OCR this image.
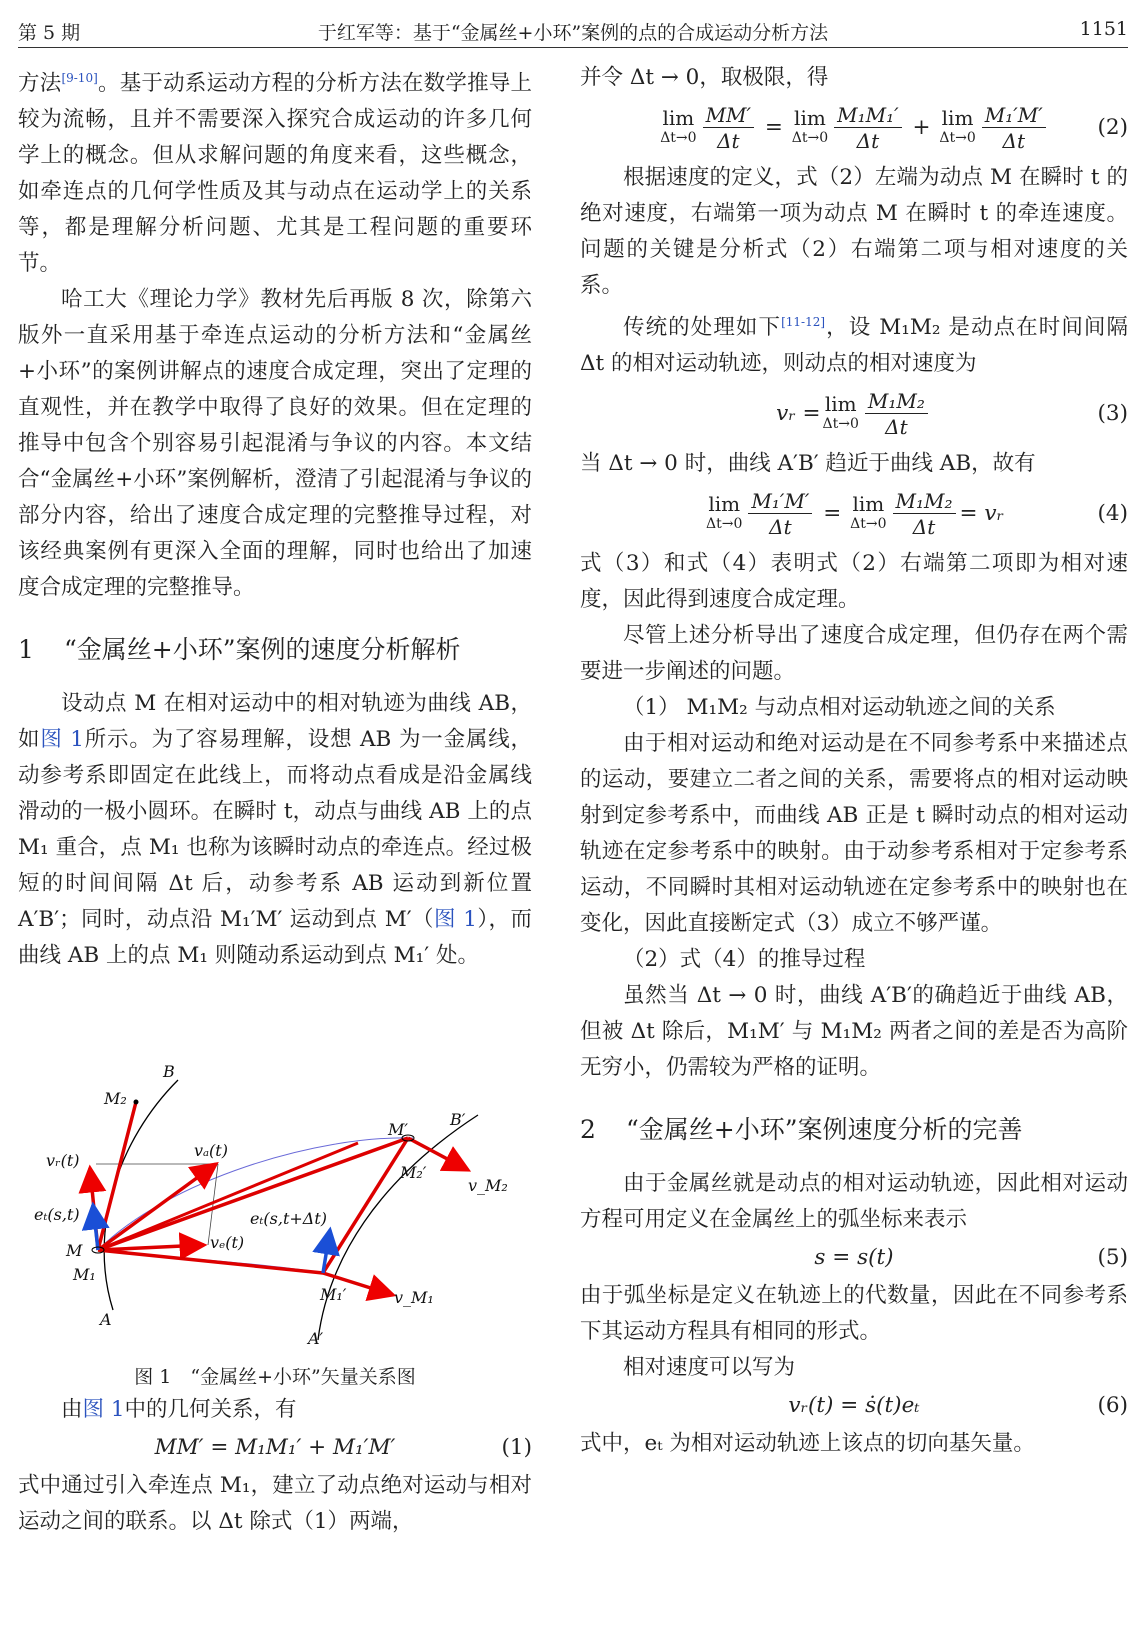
第 5 期	于红军等：基于“金属丝+小环”案例的点的合成运动分析方法	1151

方法[9-10]。基于动系运动方程的分析方法在数学推导上较为流畅，且并不需要深入探究合成运动的许多几何学上的概念。但从求解问题的角度来看，这些概念，如牵连点的几何学性质及其与动点在运动学上的关系等，都是理解分析问题、尤其是工程问题的重要环节。

哈工大《理论力学》教材先后再版 8 次，除第六版外一直采用基于牵连点运动的分析方法和“金属丝+小环”的案例讲解点的速度合成定理，突出了定理的直观性，并在教学中取得了良好的效果。但在定理的推导中包含个别容易引起混淆与争议的内容。本文结合“金属丝+小环”案例解析，澄清了引起混淆与争议的部分内容，给出了速度合成定理的完整推导过程，对该经典案例有更深入全面的理解，同时也给出了加速度合成定理的完整推导。

1 “金属丝+小环”案例的速度分析解析

设动点 M 在相对运动中的相对轨迹为曲线 AB，如图 1所示。为了容易理解，设想 AB 为一金属线，动参考系即固定在此线上，而将动点看成是沿金属线滑动的一极小圆环。在瞬时 t，动点与曲线 AB 上的点 M₁ 重合，点 M₁ 也称为该瞬时动点的牵连点。经过极短的时间间隔 Δt 后，动参考系 AB 运动到新位置 A′B′；同时，动点沿 M₁′M′ 运动到点 M′（图 1），而曲线 AB 上的点 M₁ 则随动系运动到点 M₁′ 处。

B
M₂
vᵣ(t)
vₐ(t)
M′
B′
M₂′
v_M₂
eₜ(s,t)	eₜ(s,t+Δt)
M
M₁
vₑ(t)
M₁′	v_M₁
A
A′
图 1　“金属丝+小环”矢量关系图

由图 1中的几何关系，有

MM′ = M₁M₁′ + M₁′M′	(1)

式中通过引入牵连点 M₁，建立了动点绝对运动与相对运动之间的联系。以 Δt 除式（1）两端，

并令 Δt → 0，取极限，得

lim
$\Delta t\to 0 \frac{MM'}{\Delta t} = \lim$
$\Delta t\to 0 \frac{\text{M₁M₁′}}{\Delta t} + \lim$
$\Delta t\to 0 \frac{\text{M₁′M′}}{\Delta t} (2)$

根据速度的定义，式（2）左端为动点 M 在瞬时 t 的绝对速度，右端第一项为动点 M 在瞬时 t 的牵连速度。问题的关键是分析式（2）右端第二项与相对速度的关系。

传统的处理如下[11-12]，设 M₁M₂ 是动点在时间间隔 Δt 的相对运动轨迹，则动点的相对速度为

vᵣ = lim
$\Delta t\to 0 \frac{\text{M₁M₂}}{\Delta t}$	(3)

当 Δt → 0 时，曲线 A′B′ 趋近于曲线 AB，故有

lim
$\Delta t\to 0 \frac{\text{M₁′M′}}{\Delta t} = \lim$
$\Delta t\to 0 \frac{\text{M₁M₂}}{\Delta t}$ = vᵣ	(4)

式（3）和式（4）表明式（2）右端第二项即为相对速度，因此得到速度合成定理。

尽管上述分析导出了速度合成定理，但仍存在两个需要进一步阐述的问题。

（1） M₁M₂ 与动点相对运动轨迹之间的关系

由于相对运动和绝对运动是在不同参考系中来描述点的运动，要建立二者之间的关系，需要将点的相对运动映射到定参考系中，而曲线 AB 正是 t 瞬时动点的相对运动轨迹在定参考系中的映射。由于动参考系相对于定参考系运动，不同瞬时其相对运动轨迹在定参考系中的映射也在变化，因此直接断定式（3）成立不够严谨。

（2）式（4）的推导过程

虽然当 Δt → 0 时，曲线 A′B′的确趋近于曲线 AB，但被 Δt 除后，M₁M′ 与 M₁M₂ 两者之间的差是否为高阶无穷小，仍需较为严格的证明。

2 “金属丝+小环”案例速度分析的完善

由于金属丝就是动点的相对运动轨迹，因此相对运动方程可用定义在金属丝上的弧坐标来表示

s = s(t)	(5)

由于弧坐标是定义在轨迹上的代数量，因此在不同参考系下其运动方程具有相同的形式。

相对速度可以写为

vᵣ(t) = ṡ(t)eₜ	(6)

式中，eₜ 为相对运动轨迹上该点的切向基矢量。
